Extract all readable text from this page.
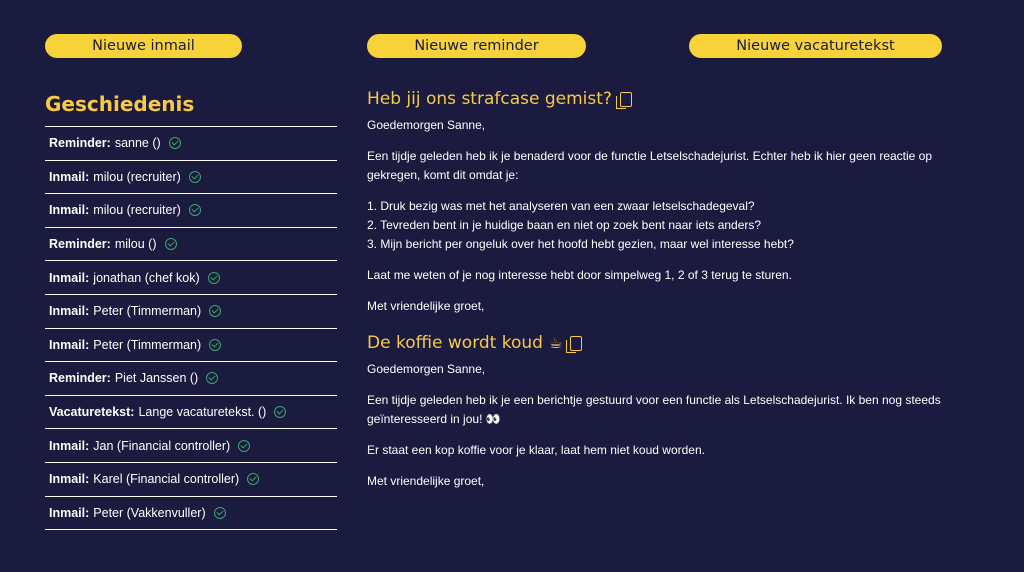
Nieuwe inmail	Nieuwe reminder	Nieuwe vacaturetekst
Geschiedenis
Reminder: sanne ()
Inmail: milou (recruiter)
Inmail: milou (recruiter)
Reminder: milou ()
Inmail: jonathan (chef kok)
Inmail: Peter (Timmerman)
Inmail: Peter (Timmerman)
Reminder: Piet Janssen ()
Vacaturetekst: Lange vacaturetekst. ()
Inmail: Jan (Financial controller)
Inmail: Karel (Financial controller)
Inmail: Peter (Vakkenvuller)
Heb jij ons strafcase gemist?

Goedemorgen Sanne,

Een tijdje geleden heb ik je benaderd voor de functie Letselschadejurist. Echter heb ik hier geen reactie op gekregen, komt dit omdat je:

1. Druk bezig was met het analyseren van een zwaar letselschadegeval?
2. Tevreden bent in je huidige baan en niet op zoek bent naar iets anders?
3. Mijn bericht per ongeluk over het hoofd hebt gezien, maar wel interesse hebt?

Laat me weten of je nog interesse hebt door simpelweg 1, 2 of 3 terug te sturen.

Met vriendelijke groet,

De koffie wordt koud ☕

Goedemorgen Sanne,

Een tijdje geleden heb ik je een berichtje gestuurd voor een functie als Letselschadejurist. Ik ben nog steeds geïnteresseerd in jou! 👀

Er staat een kop koffie voor je klaar, laat hem niet koud worden.

Met vriendelijke groet,
